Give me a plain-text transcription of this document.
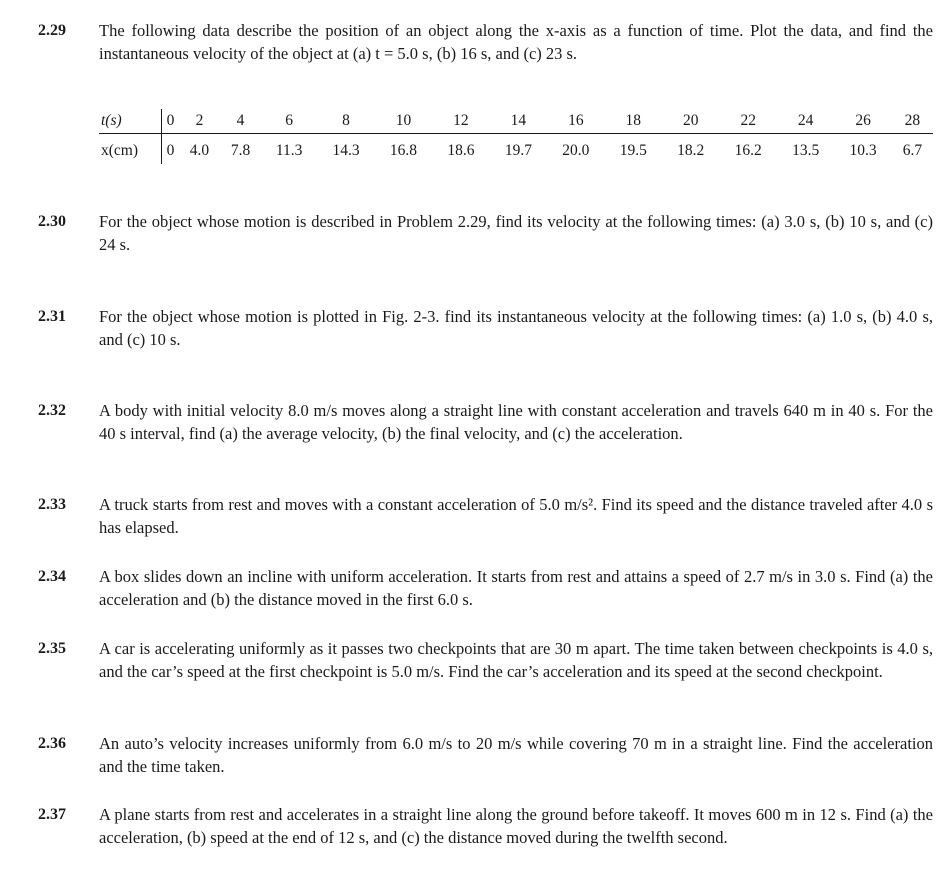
2.29 The following data describe the position of an object along the x-axis as a function of time. Plot the data, and find the instantaneous velocity of the object at (a) t = 5.0 s, (b) 16 s, and (c) 23 s.
t(s)	0	2	4	6	8	10	12	14	16	18	20	22	24	26	28
x(cm)	0	4.0	7.8	11.3	14.3	16.8	18.6	19.7	20.0	19.5	18.2	16.2	13.5	10.3	6.7
2.30 For the object whose motion is described in Problem 2.29, find its velocity at the following times: (a) 3.0 s, (b) 10 s, and (c) 24 s.
2.31 For the object whose motion is plotted in Fig. 2-3. find its instantaneous velocity at the following times: (a) 1.0 s, (b) 4.0 s, and (c) 10 s.
2.32 A body with initial velocity 8.0 m/s moves along a straight line with constant acceleration and travels 640 m in 40 s. For the 40 s interval, find (a) the average velocity, (b) the final velocity, and (c) the acceleration.
2.33 A truck starts from rest and moves with a constant acceleration of 5.0 m/s². Find its speed and the distance traveled after 4.0 s has elapsed.
2.34 A box slides down an incline with uniform acceleration. It starts from rest and attains a speed of 2.7 m/s in 3.0 s. Find (a) the acceleration and (b) the distance moved in the first 6.0 s.
2.35 A car is accelerating uniformly as it passes two checkpoints that are 30 m apart. The time taken between checkpoints is 4.0 s, and the car’s speed at the first checkpoint is 5.0 m/s. Find the car’s acceleration and its speed at the second checkpoint.
2.36 An auto’s velocity increases uniformly from 6.0 m/s to 20 m/s while covering 70 m in a straight line. Find the acceleration and the time taken.
2.37 A plane starts from rest and accelerates in a straight line along the ground before takeoff. It moves 600 m in 12 s. Find (a) the acceleration, (b) speed at the end of 12 s, and (c) the distance moved during the twelfth second.
